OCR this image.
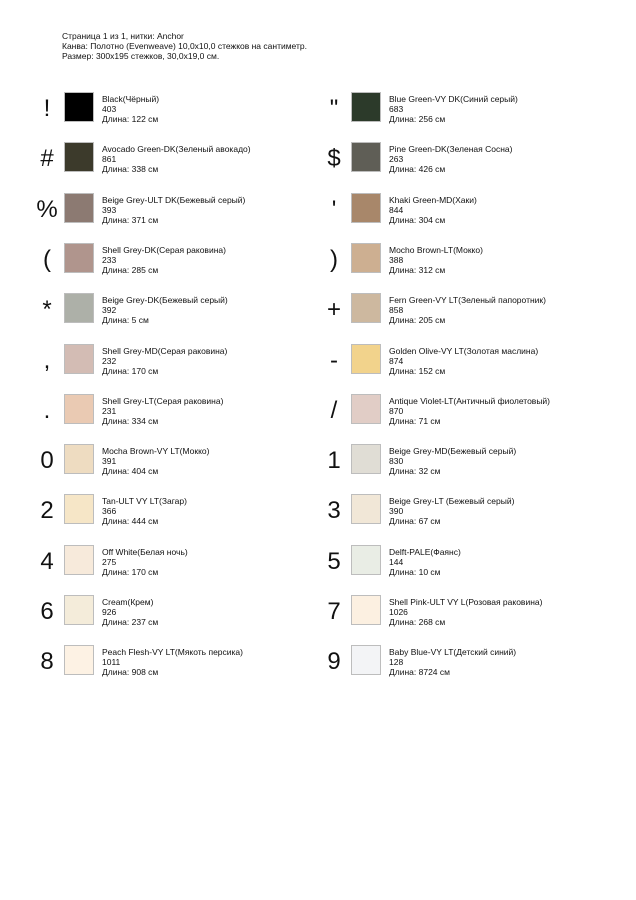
Страница 1 из 1, нитки: Anchor
Канва: Полотно (Evenweave) 10,0x10,0 стежков на сантиметр.
Размер: 300x195 стежков, 30,0x19,0 см.
!	Black(Чёрный)
403
Длина: 122 см	"	Blue Green-VY DK(Синий серый)
683
Длина: 256 см
#	Avocado Green-DK(Зеленый авокадо)
861
Длина: 338 см	$	Pine Green-DK(Зеленая Сосна)
263
Длина: 426 см
%	Beige Grey-ULT DK(Бежевый серый)
393
Длина: 371 см	'	Khaki Green-MD(Хаки)
844
Длина: 304 см
(	Shell Grey-DK(Серая раковина)
233
Длина: 285 см	)	Mocho Brown-LT(Мокко)
388
Длина: 312 см
*	Beige Grey-DK(Бежевый серый)
392
Длина: 5 см	+	Fern Green-VY LT(Зеленый папоротник)
858
Длина: 205 см
,	Shell Grey-MD(Серая раковина)
232
Длина: 170 см	-	Golden Olive-VY LT(Золотая маслина)
874
Длина: 152 см
.	Shell Grey-LT(Серая раковина)
231
Длина: 334 см	/	Antique Violet-LT(Античный фиолетовый)
870
Длина: 71 см
0	Mocha Brown-VY LT(Мокко)
391
Длина: 404 см	1	Beige Grey-MD(Бежевый серый)
830
Длина: 32 см
2	Tan-ULT VY LT(Загар)
366
Длина: 444 см	3	Beige Grey-LT (Бежевый серый)
390
Длина: 67 см
4	Off White(Белая ночь)
275
Длина: 170 см	5	Delft-PALE(Фаянс)
144
Длина: 10 см
6	Cream(Крем)
926
Длина: 237 см	7	Shell Pink-ULT VY L(Розовая раковина)
1026
Длина: 268 см
8	Peach Flesh-VY LT(Мякоть персика)
1011
Длина: 908 см	9	Baby Blue-VY LT(Детский синий)
128
Длина: 8724 см
